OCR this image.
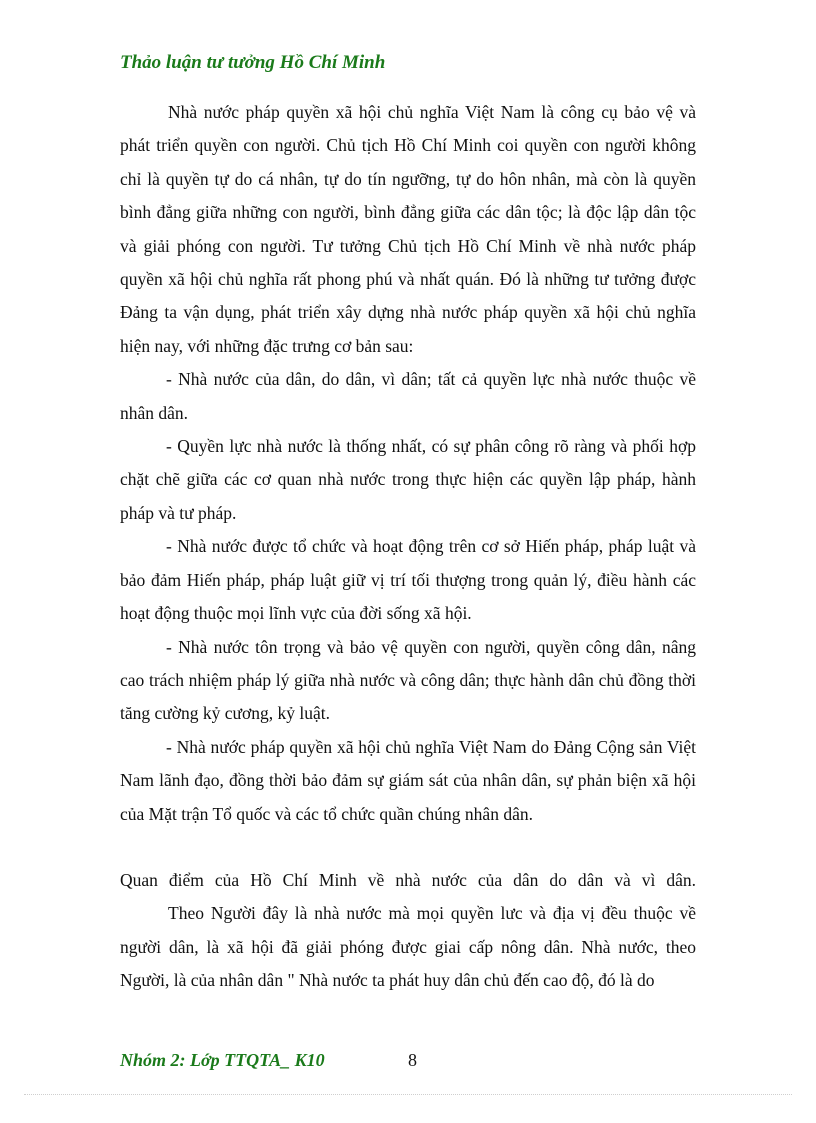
Thảo luận tư tưởng Hồ Chí Minh

Nhà nước pháp quyền xã hội chủ nghĩa Việt Nam là công cụ bảo vệ và phát triển quyền con người. Chủ tịch Hồ Chí Minh coi quyền con người không chỉ là quyền tự do cá nhân, tự do tín ngưỡng, tự do hôn nhân, mà còn là quyền bình đẳng giữa những con người, bình đẳng giữa các dân tộc; là độc lập dân tộc và giải phóng con người. Tư tưởng Chủ tịch Hồ Chí Minh về nhà nước pháp quyền xã hội chủ nghĩa rất phong phú và nhất quán. Đó là những tư tưởng được Đảng ta vận dụng, phát triển xây dựng nhà nước pháp quyền xã hội chủ nghĩa hiện nay, với những đặc trưng cơ bản sau:

- Nhà nước của dân, do dân, vì dân; tất cả quyền lực nhà nước thuộc về nhân dân.

- Quyền lực nhà nước là thống nhất, có sự phân công rõ ràng và phối hợp chặt chẽ giữa các cơ quan nhà nước trong thực hiện các quyền lập pháp, hành pháp và tư pháp.

- Nhà nước được tổ chức và hoạt động trên cơ sở Hiến pháp, pháp luật và bảo đảm Hiến pháp, pháp luật giữ vị trí tối thượng trong quản lý, điều hành các hoạt động thuộc mọi lĩnh vực của đời sống xã hội.

- Nhà nước tôn trọng và bảo vệ quyền con người, quyền công dân, nâng cao trách nhiệm pháp lý giữa nhà nước và công dân; thực hành dân chủ đồng thời tăng cường kỷ cương, kỷ luật.

- Nhà nước pháp quyền xã hội chủ nghĩa Việt Nam do Đảng Cộng sản Việt Nam lãnh đạo, đồng thời bảo đảm sự giám sát của nhân dân, sự phản biện xã hội của Mặt trận Tổ quốc và các tổ chức quần chúng nhân dân.

Quan điểm của Hồ Chí Minh về nhà nước của dân do dân và vì dân.

Theo Người đây là nhà nước mà mọi quyền lưc và địa vị đều thuộc về người dân, là xã hội đã giải phóng được giai cấp nông dân. Nhà nước, theo Người, là của nhân dân " Nhà nước ta phát huy dân chủ đến cao độ, đó là do

Nhóm 2: Lớp TTQTA_ K10	8
